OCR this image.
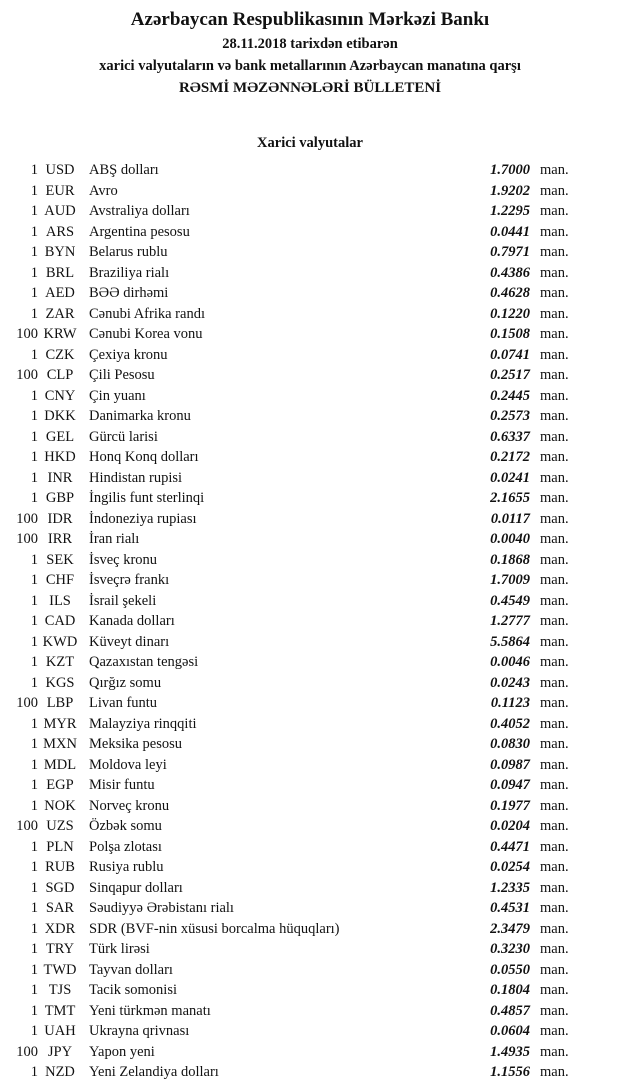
Azərbaycan Respublikasının Mərkəzi Bankı
28.11.2018 tarixdən etibarən
xarici valyutaların və bank metallarının Azərbaycan manatına qarşı
RƏSMİ MƏZƏNNƏLƏRİ BÜLLETENİ
Xarici valyutalar
1 USD	ABŞ dolları	1.7000 man.
1 EUR	Avro	1.9202 man.
1 AUD Avstraliya dolları	1.2295 man.
1 ARS	Argentina pesosu	0.0441 man.
1 BYN Belarus rublu	0.7971 man.
1 BRL	Braziliya rialı	0.4386 man.
1 AED BƏƏ dirhəmi	0.4628 man.
1 ZAR	Cənubi Afrika randı	0.1220 man.
100 KRW Cənubi Korea vonu	0.1508 man.
1 CZK	Çexiya kronu	0.0741 man.
100 CLP	Çili Pesosu	0.2517 man.
1 CNY Çin yuanı	0.2445 man.
1 DKK Danimarka kronu	0.2573 man.
1 GEL	Gürcü larisi	0.6337 man.
1 HKD Honq Konq dolları	0.2172 man.
1 INR	Hindistan rupisi	0.0241 man.
1 GBP	İngilis funt sterlinqi	2.1655 man.
100 IDR	İndoneziya rupiası	0.0117 man.
100 IRR	İran rialı	0.0040 man.
1 SEK	İsveç kronu	0.1868 man.
1 CHF	İsveçrə frankı	1.7009 man.
1 ILS	İsrail şekeli	0.4549 man.
1 CAD Kanada dolları	1.2777 man.
1 KWD Küveyt dinarı	5.5864 man.
1 KZT	Qazaxıstan tengəsi	0.0046 man.
1 KGS	Qırğız somu	0.0243 man.
100 LBP	Livan funtu	0.1123 man.
1 MYR Malayziya rinqqiti	0.4052 man.
1 MXN Meksika pesosu	0.0830 man.
1 MDL Moldova leyi	0.0987 man.
1 EGP	Misir funtu	0.0947 man.
1 NOK Norveç kronu	0.1977 man.
100 UZS	Özbək somu	0.0204 man.
1 PLN	Polşa zlotası	0.4471 man.
1 RUB Rusiya rublu	0.0254 man.
1 SGD	Sinqapur dolları	1.2335 man.
1 SAR	Səudiyyə Ərəbistanı rialı	0.4531 man.
1 XDR SDR (BVF-nin xüsusi borcalma hüquqları)	2.3479 man.
1 TRY	Türk lirəsi	0.3230 man.
1 TWD Tayvan dolları	0.0550 man.
1 TJS	Tacik somonisi	0.1804 man.
1 TMT Yeni türkmən manatı	0.4857 man.
1 UAH Ukrayna qrivnası	0.0604 man.
100 JPY	Yapon yeni	1.4935 man.
1 NZD Yeni Zelandiya dolları	1.1556 man.
